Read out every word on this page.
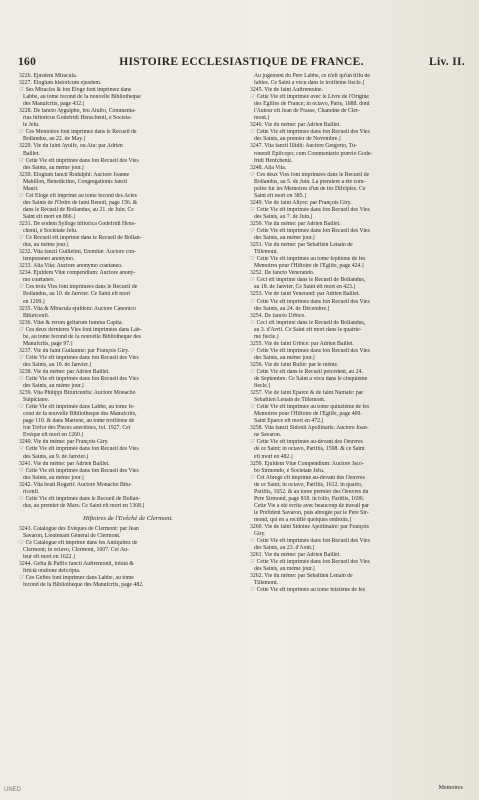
160	HISTOIRE ECCLESIASTIQUE DE FRANCE.	Liv. II.
3226. Ejusdem Miracula.
3227. Elogium historicum ejusdem.
☞ Ses Miracles & fon Eloge font imprimez dans
Labbe, au tome fecond de fa nouvelle Bibliotheque
des Manufcrits, page 432.]
3228. De fancto Aygulpho, feu Aiulfo, Commenta-
rius hiftoricus Godefridi Henschenii, è Societa-
te Jefu.
☞ Ces Memoires font imprimez dans le Recueil de
Bollandus, au 22. de May.]
3229. Vie du faint Ayulfe, ou Aiu: par Adrien
Baillet.
☞ Cette Vie eft imprimée dans fon Recueil des Vies
des Saints, au même jour.]
3230. Elogium fancti Rodulphi: Auctore Joanne
Mabillon, Benedictino, Congregationis fancti
Mauri.
☞ Cet Eloge eft imprimé au tome fecond des Actes
des Saints de l'Ordre de faint Benoît, page 156. &
dans le Recueil de Bollandus, au 21. de Juin. Ce
Saint eft mort en 866.]
3231. De eodem Sylloge hiftorica Godefridi Hens-
chenii, è Societate Jefu.
☞ Ce Recueil eft imprimé dans le Recueil de Bollan-
dus, au même jour.]
3232. Vita fancti Guillelmi, Eremitæ: Auctore con-
temporaneo anonymo.
3233. Alia Vita: Auctore anonymo coætaneo.
3234. Ejufdem Vitæ compendium: Auctore anony-
mo coætaneo.
☞ Ces trois Vies font imprimées dans le Recueil de
Bollandus, au 10. de Janvier. Ce Saint eft mort
en 1209.]
3235. Vita & Miracula ejufdem: Auctore Canonico
Bituricenfi.
3236. Vitæ & rerum geftarum fumma Capita.
☞ Ces deux dernieres Vies font imprimées dans Lab-
be, au tome fecond de fa nouvelle Bibliotheque des
Manufcrits, page 97.]
3237. Vie du faint Guilaume: par François Giry.
☞ Cette Vie eft imprimée dans fon Recueil des Vies
des Saints, au 10. de Janvier.]
3238. Vie du même: par Adrien Baillet.
☞ Cette Vie eft imprimée dans fon Recueil des Vies
des Saints, au même jour.]
3239. Vita Philippi Bituricenfis: Auctore Monacho
Sulpiciano.
☞ Cette Vie eft imprimée dans Labbe, au tome fe-
cond de fa nouvelle Bibliotheque des Manufcrits,
page 110. & dans Martene, au tome troifiéme de
fon Tréfor des Pieces anecdotes, fol. 1927. Cet
Evêque eft mort en 1260.]
3240. Vie du même: par François Giry.
☞ Cette Vie eft imprimée dans fon Recueil des Vies
des Saints, au 9. de Janvier.]
3241. Vie du même: par Adrien Baillet.
☞ Cette Vie eft imprimée dans fon Recueil des Vies
des Saints, au même jour.]
3242. Vita beati Rogerii: Auctore Monacho Bitu-
ricenfi.
☞ Cette Vie eft imprimée dans le Recueil de Bollan-
dus, au premier de Mars. Ce Saint eft mort en 1368.]
Hiftoires de l'Evêché de Clermont.
3243. Catalogue des Evêques de Clermont: par Jean
Savaron, Lieutenant Général de Clermont.
☞ Ce Catalogue eft imprimé dans fes Antiquitez de
Clermont; in octavo, Clermont, 1607. Cet Au-
teur eft mort en 1622.]
3244. Gefta & Paffio fancti Auftremonii, folutâ &
ftrictâ oratione defcripta.
☞ Ces Geftes font imprimez dans Labbe, au tome
fecond de fa Bibliotheque des Manufcrits, page 482.
Au jugement du Pere Labbe, ce n'eft qu'un tiffu de
fables. Ce Saint a vécu dans le troifiéme fiecle.]
3245. Vie de faint Auftremoine.
☞ Cette Vie eft imprimée avec le Livre de l'Origine
des Eglifes de France; in octavo, Paris, 1688. dont
l'Auteur eft Jean de Frasse, Chanoine de Cler-
mont.]
3246. Vie du même: par Adrien Baillet.
☞ Cette Vie eft imprimée dans fon Recueil des Vies
des Saints, au premier de Novembre.]
3247. Vita fancti Illidii: Auctore Gregorio, Tu-
ronenfi Epifcopo; cum Commentario prævio Gode-
fridi Henfchenii.
3248. Alia Vita.
☞ Ces deux Vies font imprimées dans le Recueil de
Bollandus, au 5. de Juin. La premiere a été com-
pofée fur les Memoires d'un de fes Difciples. Ce
Saint eft mort en 385.]
3249. Vie de faint Allyre: par François Giry.
☞ Cette Vie eft imprimée dans fon Recueil des Vies
des Saints, au 7. de Juin.]
3250. Vie du même: par Adrien Baillet.
☞ Cette Vie eft imprimée dans fon Recueil des Vies
des Saints, au même jour.]
3251. Vie du même: par Sebaftien Lenain de
Tillemont.
☞ Cette Vie eft imprimée au tome feptiéme de fes
Memoires pour l'Hiftoire de l'Eglife, page 424.]
3252. De fancto Venerando.
☞ Ceci eft imprimé dans le Recueil de Bollandus,
au 18. de Janvier. Ce Saint eft mort en 423.]
3253. Vie de faint Venerand: par Adrien Baillet.
☞ Cette Vie eft imprimée dans fon Recueil des Vies
des Saints, au 24. de Décembre.]
3254. De fancto Urbico.
☞ Ceci eft imprimé dans le Recueil de Bollandus,
au 3. d'Avril. Ce Saint eft mort dans le quatrie-
me fiecle.]
3255. Vie de faint Urbice: par Adrien Baillet.
☞ Cette Vie eft imprimée dans fon Recueil des Vies
des Saints, au même jour.]
3256. Vie de faint Rufin: par le même.
☞ Cette Vie eft dans le Recueil précédent, au 24.
de Septembre. Ce Saint a vécu dans le cinquiéme
fiecle.]
3257. Vie de faint Eparce & de faint Namafe: par
Sebaftien Lenain de Tillemont.
☞ Cette Vie eft imprimée au tome quinziéme de fes
Memoires pour l'Hiftoire de l'Eglife, page 409.
Saint Eparce eft mort en 472.]
3258. Vita fancti Sidonii Apollinaris: Auctore Joan-
ne Savaron.
☞ Cette Vie eft imprimée au-devant des Oeuvres
de ce Saint; in octavo, Parifiis, 1598. & ce Saint
eft mort en 482.]
3259. Ejufdem Vitæ Compendium: Auctore Jaco-
bo Sirmondo, è Societate Jefu.
☞ Cet Abregé eft imprimé au-devant des Oeuvres
de ce Saint; in octavo, Parifiis, 1612. in quarto,
Parifiis, 1652. & au tome premier des Oeuvres du
Pere Sirmond, page 818. in folio, Parifiis, 1696.
Cette Vie a été écrite avec beaucoup de travail par
le Préfident Savaron, puis abregée par le Pere Sir-
mond, qui en a rectifié quelques endroits.]
3260. Vie de faint Sidoine Apollinaire: par François
Giry.
☞ Cette Vie eft imprimée dans fon Recueil des Vies
des Saints, au 23. d'Août.]
3261. Vie du même: par Adrien Baillet.
☞ Cette Vie eft imprimée dans fon Recueil des Vies
des Saints, au même jour.]
3262. Vie du même: par Sebaftien Lenain de
Tillemont.
☞ Cette Vie eft imprimée au tome feiziéme de fes
Memoires
UNED
